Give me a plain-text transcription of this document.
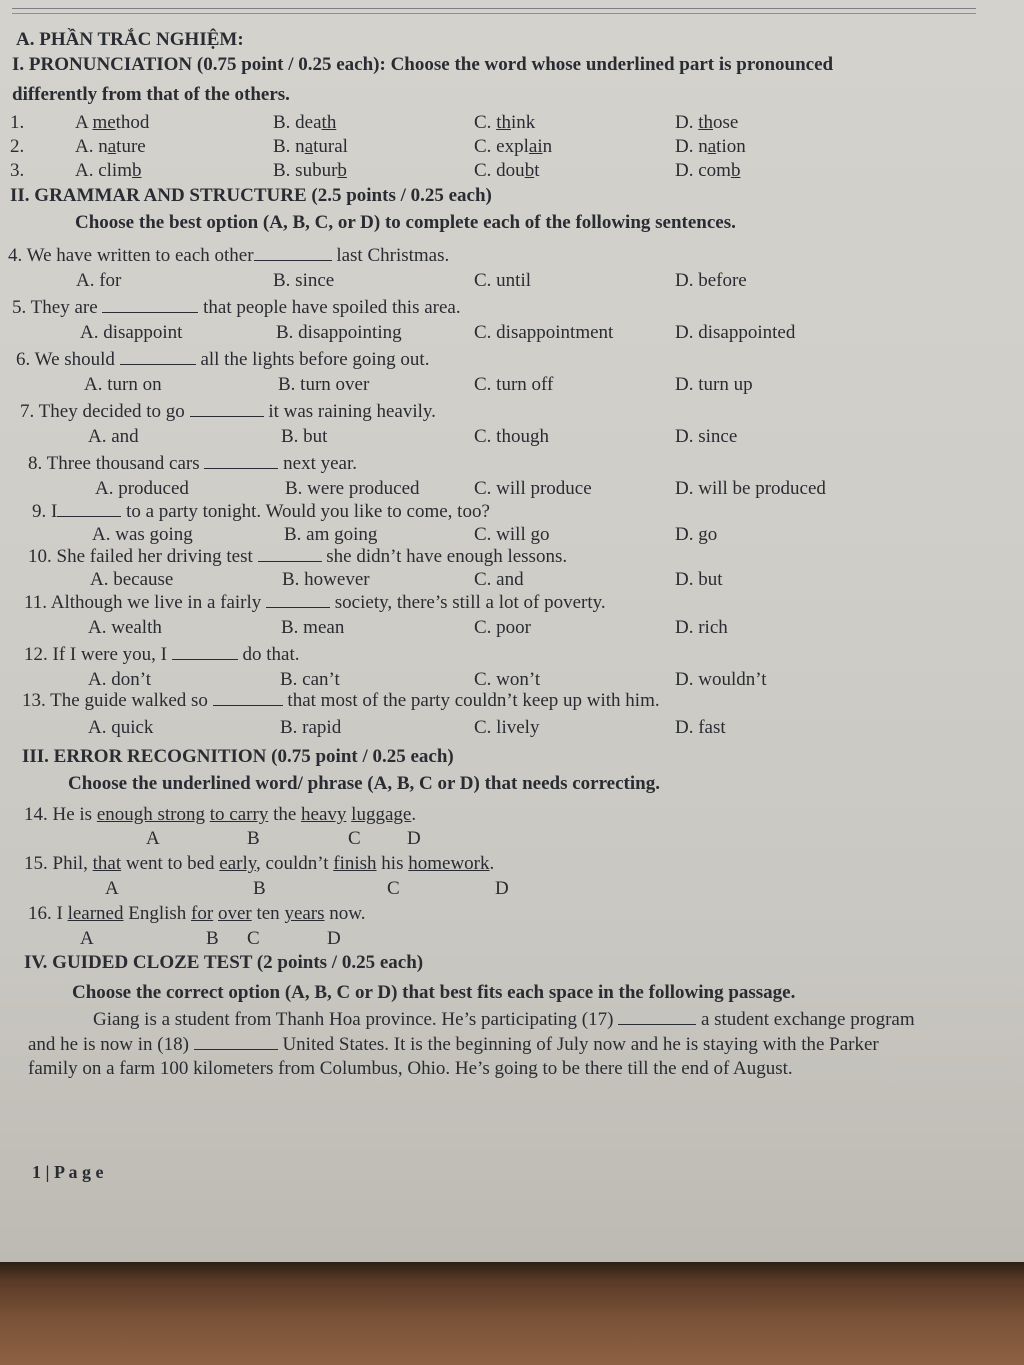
A. PHẦN TRẮC NGHIỆM:
I. PRONUNCIATION (0.75 point / 0.25 each): Choose the word whose underlined part is pronounced
differently from that of the others.
1.	A method	B. death	C. think	D. those
2.	A. nature	B. natural	C. explain	D. nation
3.	A. climb	B. suburb	C. doubt	D. comb
II. GRAMMAR AND STRUCTURE (2.5 points / 0.25 each)
Choose the best option (A, B, C, or D) to complete each of the following sentences.
4. We have written to each other	last Christmas.
A. for	B. since	C. until	D. before
5. They are	that people have spoiled this area.
A. disappoint	B. disappointing	C. disappointment	D. disappointed
6. We should	all the lights before going out.
A. turn on	B. turn over	C. turn off	D. turn up
7. They decided to go	it was raining heavily.
A. and	B. but	C. though	D. since
8. Three thousand cars	next year.
A. produced	B. were produced	C. will produce	D. will be produced
9. I	to a party tonight. Would you like to come, too?
A. was going	B. am going	C. will go	D. go
10. She failed her driving test	she didn’t have enough lessons.
A. because	B. however	C. and	D. but
11. Although we live in a fairly	society, there’s still a lot of poverty.
A. wealth	B. mean	C. poor	D. rich
12. If I were you, I	do that.
A. don’t	B. can’t	C. won’t	D. wouldn’t
13. The guide walked so	that most of the party couldn’t keep up with him.
A. quick	B. rapid	C. lively	D. fast
III. ERROR RECOGNITION (0.75 point / 0.25 each)
Choose the underlined word/ phrase (A, B, C or D) that needs correcting.
14. He is enough strong to carry the heavy luggage.
A	B	C D
15. Phil, that went to bed early, couldn’t finish his homework.
A	B	C	D
16. I learned English for over ten years now.
A	B C	D
IV. GUIDED CLOZE TEST (2 points / 0.25 each)
Choose the correct option (A, B, C or D) that best fits each space in the following passage.
Giang is a student from Thanh Hoa province. He’s participating (17)	a student exchange program
and he is now in (18)	United States. It is the beginning of July now and he is staying with the Parker
family on a farm 100 kilometers from Columbus, Ohio. He’s going to be there till the end of August.
1 | P a g e
